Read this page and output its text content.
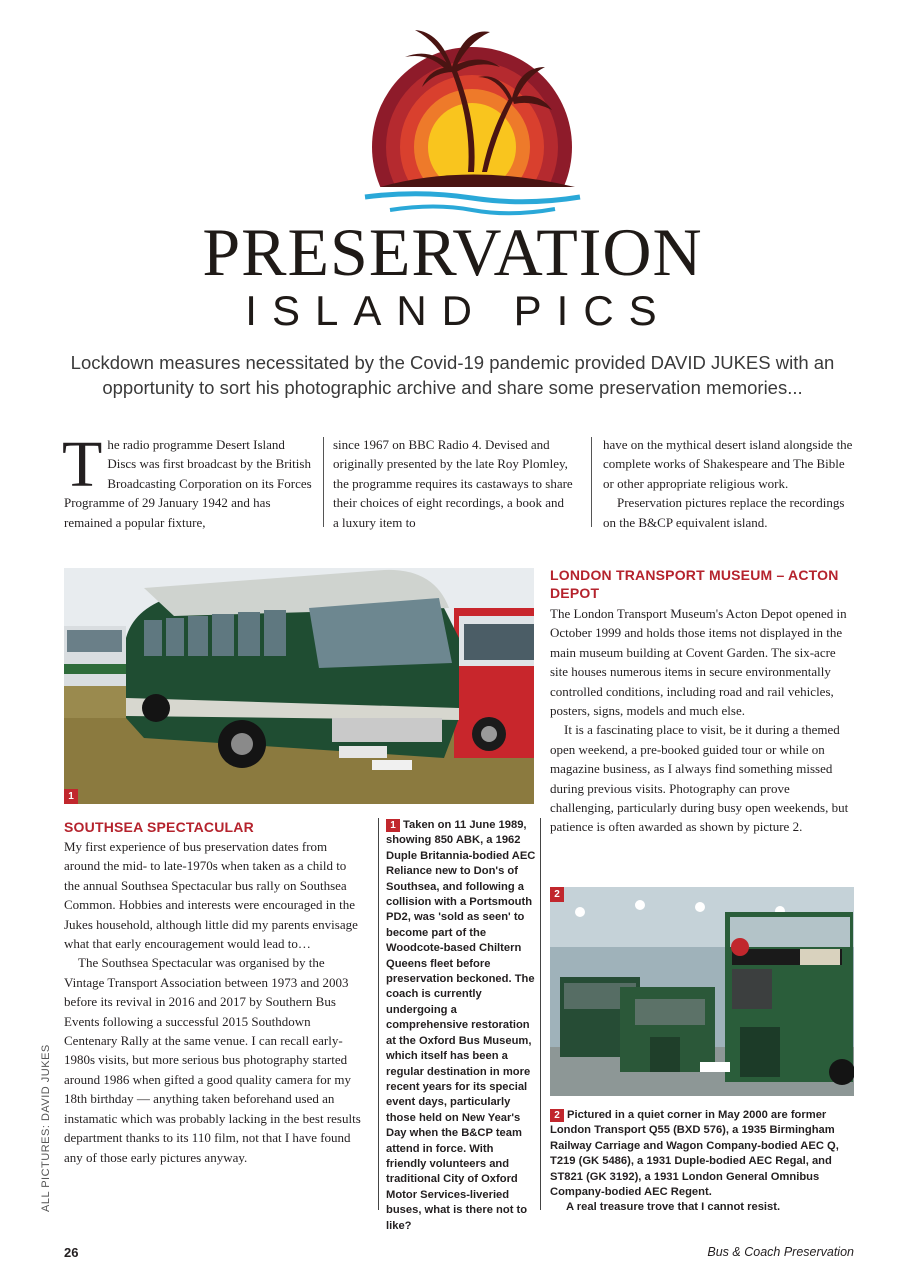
PRESERVATION
ISLAND PICS
Lockdown measures necessitated by the Covid-19 pandemic provided DAVID JUKES with an opportunity to sort his photographic archive and share some preservation memories...
T he radio programme Desert Island Discs was first broadcast by the British Broadcasting Corporation on its Forces Programme of 29 January 1942 and has remained a popular fixture,

since 1967 on BBC Radio 4. Devised and originally presented by the late Roy Plomley, the programme requires its castaways to share their choices of eight recordings, a book and a luxury item to

have on the mythical desert island alongside the complete works of Shakespeare and The Bible or other appropriate religious work.

Preservation pictures replace the recordings on the B&CP equivalent island.

1
SOUTHSEA SPECTACULAR

My first experience of bus preservation dates from around the mid- to late-1970s when taken as a child to the annual Southsea Spectacular bus rally on Southsea Common. Hobbies and interests were encouraged in the Jukes household, although little did my parents envisage what that early encouragement would lead to…

The Southsea Spectacular was organised by the Vintage Transport Association between 1973 and 2003 before its revival in 2016 and 2017 by Southern Bus Events following a successful 2015 Southdown Centenary Rally at the same venue. I can recall early-1980s visits, but more serious bus photography started around 1986 when gifted a good quality camera for my 18th birthday — anything taken beforehand used an instamatic which was probably lacking in the best results department thanks to its 110 film, not that I have found any of those early pictures anyway.

1 Taken on 11 June 1989, showing 850 ABK, a 1962 Duple Britannia-bodied AEC Reliance new to Don's of Southsea, and following a collision with a Portsmouth PD2, was 'sold as seen' to become part of the Woodcote-based Chiltern Queens fleet before preservation beckoned. The coach is currently undergoing a comprehensive restoration at the Oxford Bus Museum, which itself has been a regular destination in more recent years for its special event days, particularly those held on New Year's Day when the B&CP team attend in force. With friendly volunteers and traditional City of Oxford Motor Services-liveried buses, what is there not to like?
LONDON TRANSPORT MUSEUM – ACTON DEPOT

The London Transport Museum's Acton Depot opened in October 1999 and holds those items not displayed in the main museum building at Covent Garden. The six-acre site houses numerous items in secure environmentally controlled conditions, including road and rail vehicles, posters, signs, models and much else.

It is a fascinating place to visit, be it during a themed open weekend, a pre-booked guided tour or while on magazine business, as I always find something missed during previous visits. Photography can prove challenging, particularly during busy open weekends, but patience is often awarded as shown by picture 2.

2
2 Pictured in a quiet corner in May 2000 are former London Transport Q55 (BXD 576), a 1935 Birmingham Railway Carriage and Wagon Company-bodied AEC Q, T219 (GK 5486), a 1931 Duple-bodied AEC Regal, and ST821 (GK 3192), a 1931 London General Omnibus Company-bodied AEC Regent.
A real treasure trove that I cannot resist.
ALL PICTURES: DAVID JUKES
26	Bus & Coach Preservation
